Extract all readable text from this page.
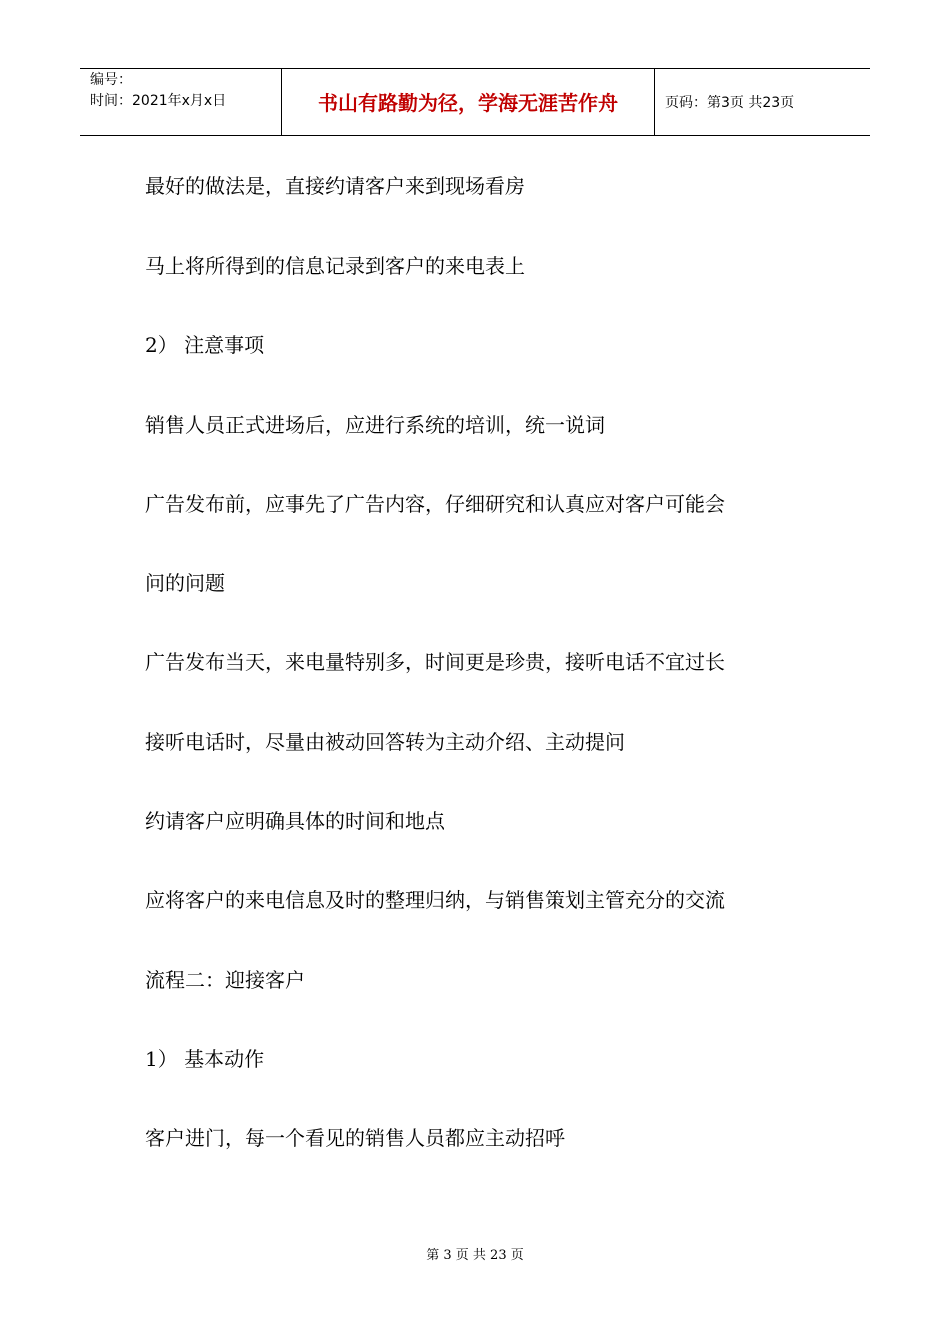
编号：
时间：2021年x月x日	书山有路勤为径，学海无涯苦作舟	页码：第3页 共23页
最好的做法是，直接约请客户来到现场看房
马上将所得到的信息记录到客户的来电表上
2） 注意事项
销售人员正式进场后，应进行系统的培训，统一说词
广告发布前，应事先了广告内容，仔细研究和认真应对客户可能会
问的问题
广告发布当天，来电量特别多，时间更是珍贵，接听电话不宜过长
接听电话时，尽量由被动回答转为主动介绍、主动提问
约请客户应明确具体的时间和地点
应将客户的来电信息及时的整理归纳，与销售策划主管充分的交流
流程二：迎接客户
1） 基本动作
客户进门，每一个看见的销售人员都应主动招呼
第 3 页 共 23 页
